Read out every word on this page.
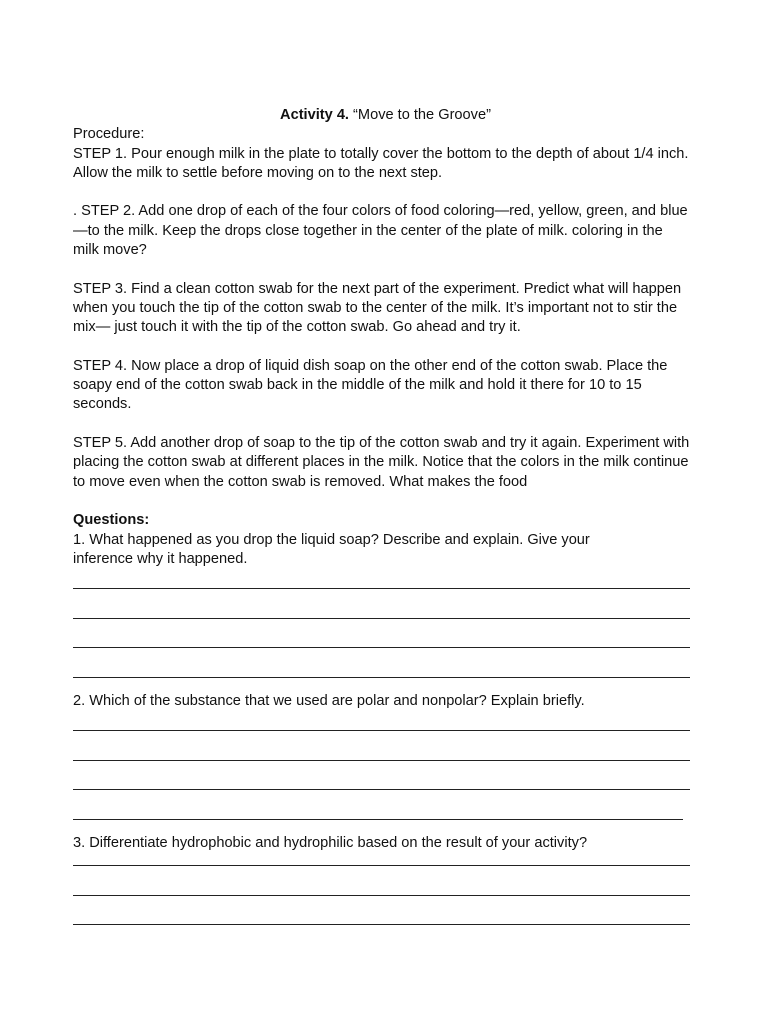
Activity 4. “Move to the Groove”

Procedure:

STEP 1. Pour enough milk in the plate to totally cover the bottom to the depth of about 1/4 inch. Allow the milk to settle before moving on to the next step.

. STEP 2. Add one drop of each of the four colors of food coloring—red, yellow, green, and blue—to the milk. Keep the drops close together in the center of the plate of milk. coloring in the milk move?

STEP 3. Find a clean cotton swab for the next part of the experiment. Predict what will happen when you touch the tip of the cotton swab to the center of the milk. It’s important not to stir the mix— just touch it with the tip of the cotton swab. Go ahead and try it.

STEP 4. Now place a drop of liquid dish soap on the other end of the cotton swab. Place the soapy end of the cotton swab back in the middle of the milk and hold it there for 10 to 15 seconds.

STEP 5. Add another drop of soap to the tip of the cotton swab and try it again. Experiment with placing the cotton swab at different places in the milk. Notice that the colors in the milk continue to move even when the cotton swab is removed. What makes the food

Questions:

1. What happened as you drop the liquid soap? Describe and explain. Give your inference why it happened.

2. Which of the substance that we used are polar and nonpolar? Explain briefly.

3. Differentiate hydrophobic and hydrophilic based on the result of your activity?
